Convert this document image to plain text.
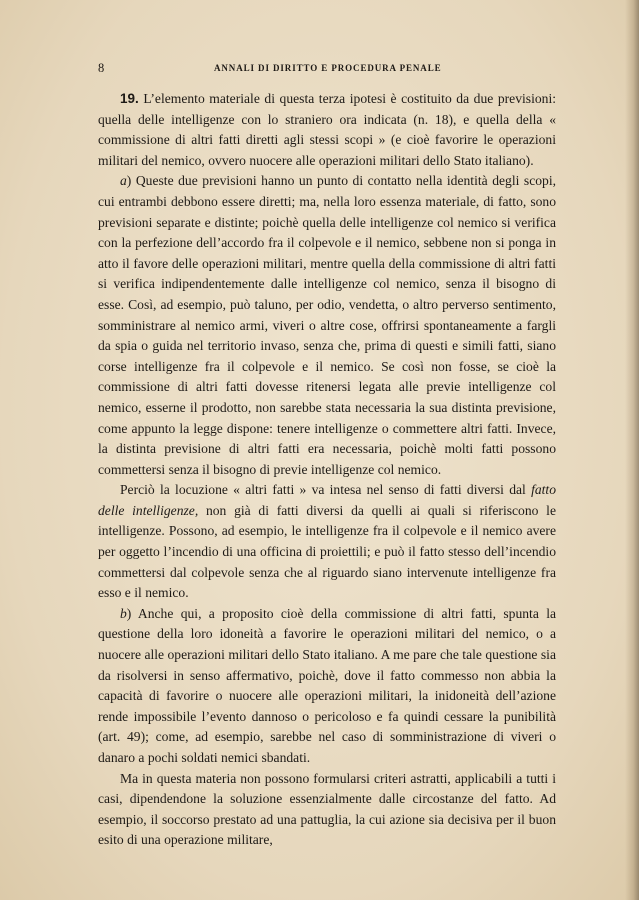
8	ANNALI DI DIRITTO E PROCEDURA PENALE

19. L’elemento materiale di questa terza ipotesi è costituito da due previsioni: quella delle intelligenze con lo straniero ora indicata (n. 18), e quella della « commissione di altri fatti diretti agli stessi scopi » (e cioè favorire le operazioni militari del nemico, ovvero nuocere alle operazioni militari dello Stato italiano).

a) Queste due previsioni hanno un punto di contatto nella identità degli scopi, cui entrambi debbono essere diretti; ma, nella loro essenza materiale, di fatto, sono previsioni separate e distinte; poichè quella delle intelligenze col nemico si verifica con la perfezione dell’accordo fra il colpevole e il nemico, sebbene non si ponga in atto il favore delle operazioni militari, mentre quella della commissione di altri fatti si verifica indipendentemente dalle intelligenze col nemico, senza il bisogno di esse. Così, ad esempio, può taluno, per odio, vendetta, o altro perverso sentimento, somministrare al nemico armi, viveri o altre cose, offrirsi spontaneamente a fargli da spia o guida nel territorio invaso, senza che, prima di questi e simili fatti, siano corse intelligenze fra il colpevole e il nemico. Se così non fosse, se cioè la commissione di altri fatti dovesse ritenersi legata alle previe intelligenze col nemico, esserne il prodotto, non sarebbe stata necessaria la sua distinta previsione, come appunto la legge dispone: tenere intelligenze o commettere altri fatti. Invece, la distinta previsione di altri fatti era necessaria, poichè molti fatti possono commettersi senza il bisogno di previe intelligenze col nemico.

Perciò la locuzione « altri fatti » va intesa nel senso di fatti diversi dal fatto delle intelligenze, non già di fatti diversi da quelli ai quali si riferiscono le intelligenze. Possono, ad esempio, le intelligenze fra il colpevole e il nemico avere per oggetto l’incendio di una officina di proiettili; e può il fatto stesso dell’incendio commettersi dal colpevole senza che al riguardo siano intervenute intelligenze fra esso e il nemico.

b) Anche qui, a proposito cioè della commissione di altri fatti, spunta la questione della loro idoneità a favorire le operazioni militari del nemico, o a nuocere alle operazioni militari dello Stato italiano. A me pare che tale questione sia da risolversi in senso affermativo, poichè, dove il fatto commesso non abbia la capacità di favorire o nuocere alle operazioni militari, la inidoneità dell’azione rende impossibile l’evento dannoso o pericoloso e fa quindi cessare la punibilità (art. 49); come, ad esempio, sarebbe nel caso di somministrazione di viveri o danaro a pochi soldati nemici sbandati.

Ma in questa materia non possono formularsi criteri astratti, applicabili a tutti i casi, dipendendone la soluzione essenzialmente dalle circostanze del fatto. Ad esempio, il soccorso prestato ad una pattuglia, la cui azione sia decisiva per il buon esito di una operazione militare,
